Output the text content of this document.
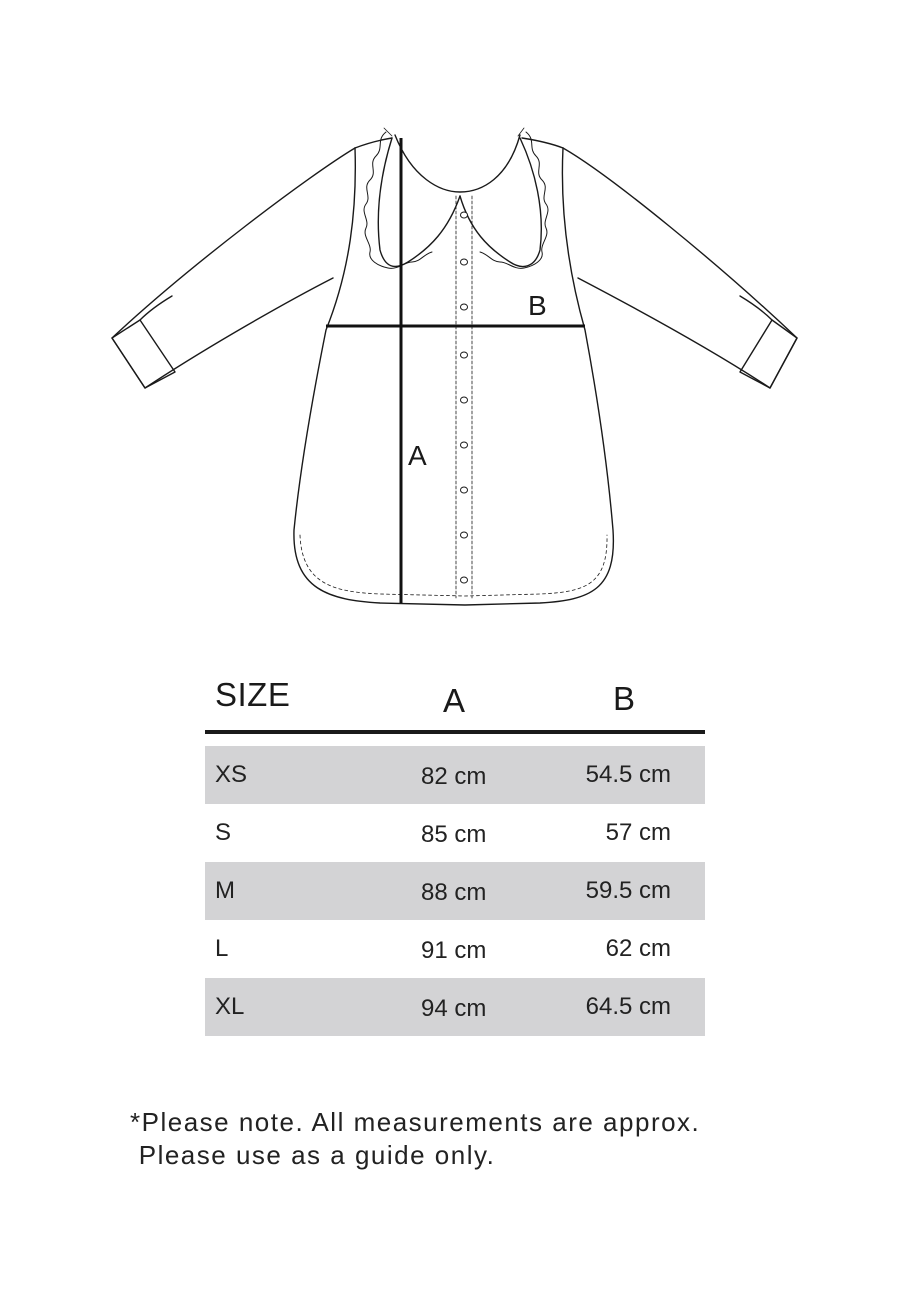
A
B
SIZE	A	B
XS	82 cm	54.5 cm
S	85 cm	57 cm
M	88 cm	59.5 cm
L	91 cm	62 cm
XL	94 cm	64.5 cm
*Please note. All measurements are approx.
Please use as a guide only.
